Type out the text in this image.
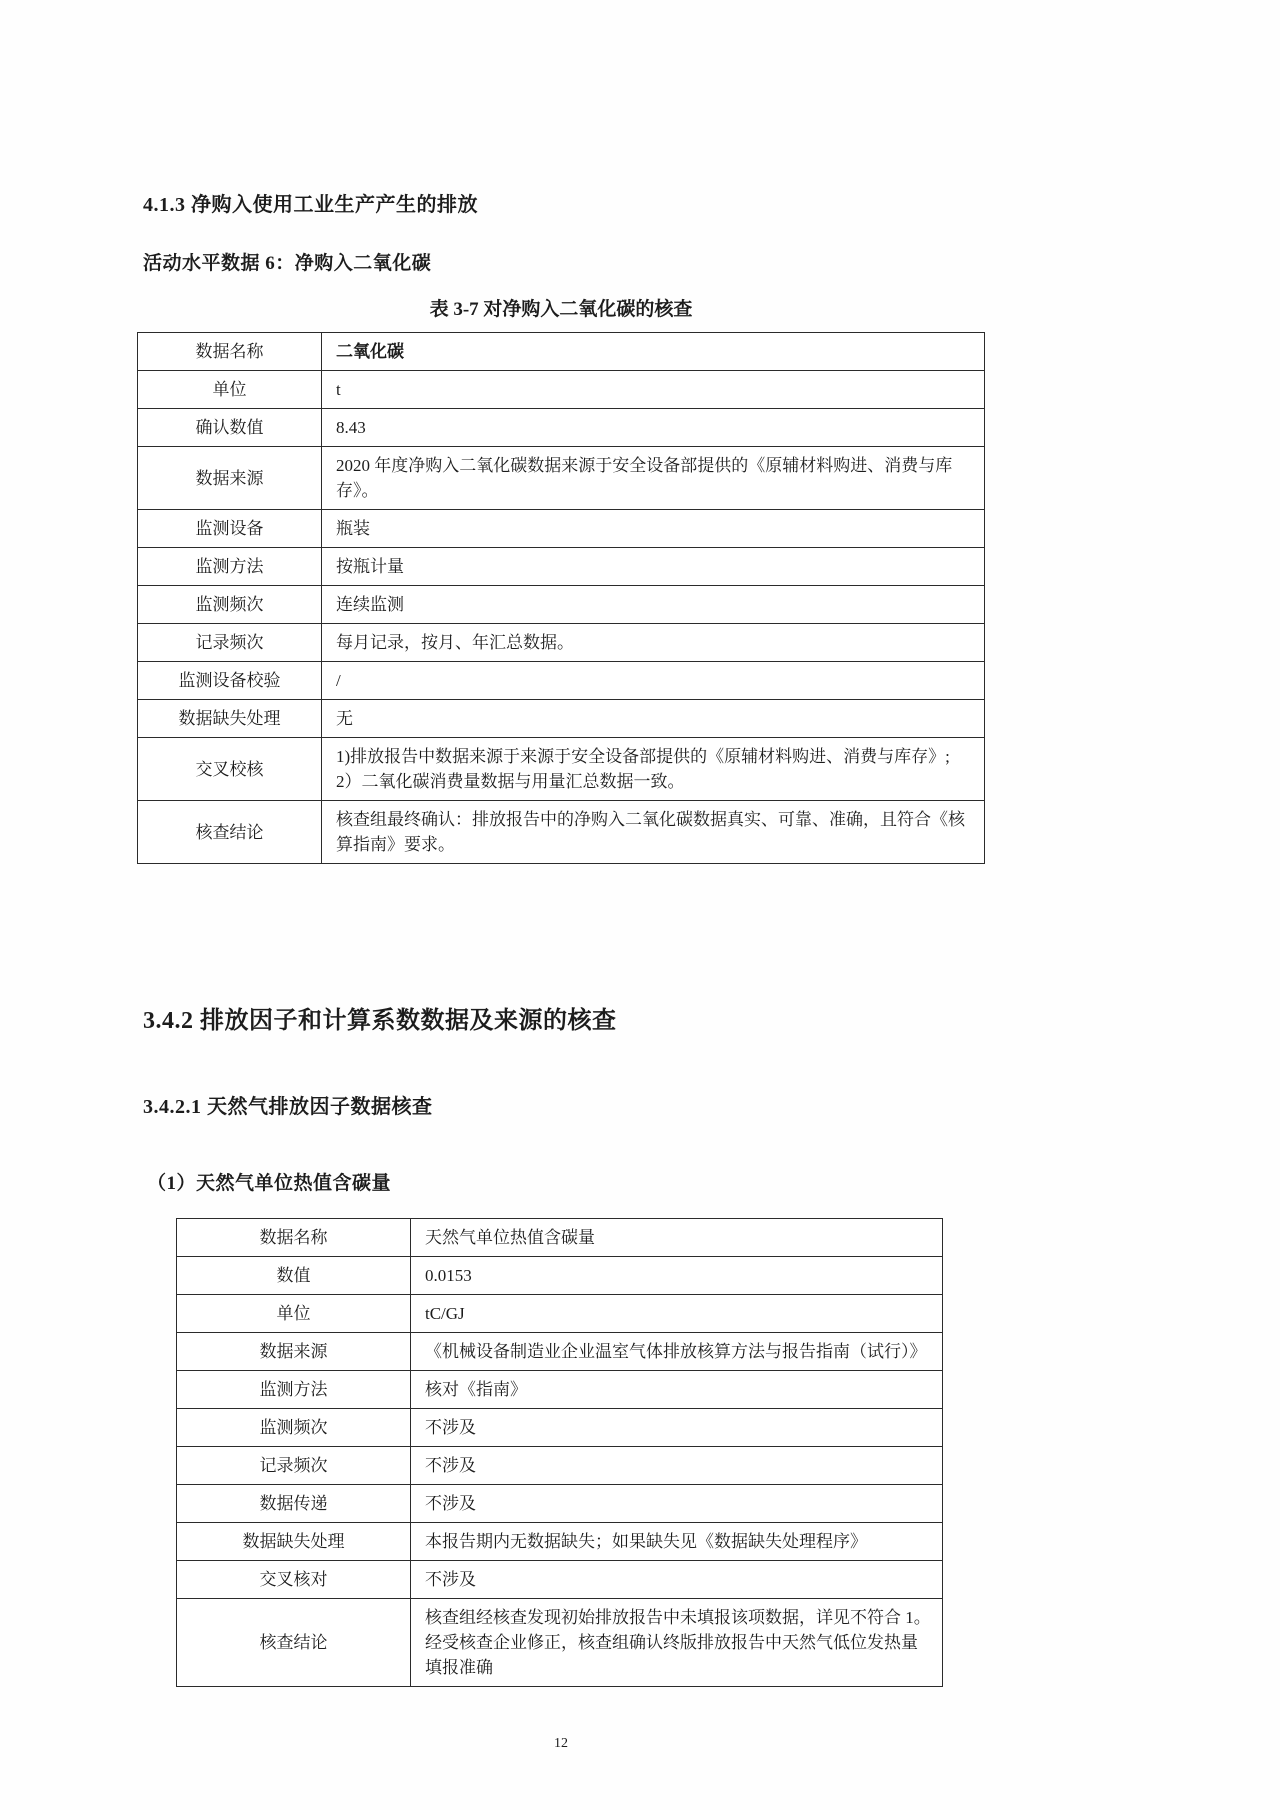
4.1.3 净购入使用工业生产产生的排放
活动水平数据 6：净购入二氧化碳
表 3-7 对净购入二氧化碳的核查
数据名称	二氧化碳
单位	t
确认数值	8.43
数据来源	2020 年度净购入二氧化碳数据来源于安全设备部提供的《原辅材料购进、消费与库存》。
监测设备	瓶装
监测方法	按瓶计量
监测频次	连续监测
记录频次	每月记录，按月、年汇总数据。
监测设备校验	/
数据缺失处理	无
交叉校核	1)排放报告中数据来源于来源于安全设备部提供的《原辅材料购进、消费与库存》;
2）二氧化碳消费量数据与用量汇总数据一致。
核查结论	核查组最终确认：排放报告中的净购入二氧化碳数据真实、可靠、准确，且符合《核算指南》要求。
3.4.2 排放因子和计算系数数据及来源的核查
3.4.2.1 天然气排放因子数据核查
（1）天然气单位热值含碳量
数据名称	天然气单位热值含碳量
数值	0.0153
单位	tC/GJ
数据来源	《机械设备制造业企业温室气体排放核算方法与报告指南（试行）》
监测方法	核对《指南》
监测频次	不涉及
记录频次	不涉及
数据传递	不涉及
数据缺失处理	本报告期内无数据缺失；如果缺失见《数据缺失处理程序》
交叉核对	不涉及
核查结论	核查组经核查发现初始排放报告中未填报该项数据，详见不符合 1。经受核查企业修正，核查组确认终版排放报告中天然气低位发热量填报准确
12
